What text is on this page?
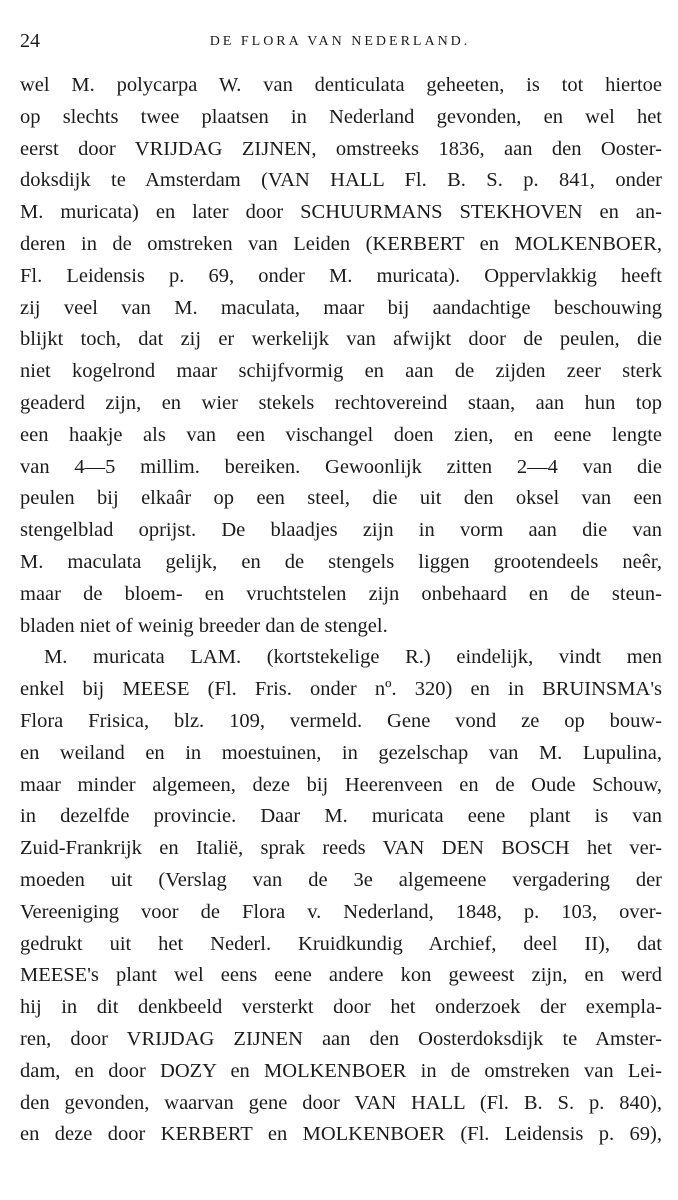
24	DE FLORA VAN NEDERLAND.
wel M. polycarpa W. van denticulata geheeten, is tot hiertoe
op slechts twee plaatsen in Nederland gevonden, en wel het
eerst door VRIJDAG ZIJNEN, omstreeks 1836, aan den Ooster-
doksdijk te Amsterdam (VAN HALL Fl. B. S. p. 841, onder
M. muricata) en later door SCHUURMANS STEKHOVEN en an-
deren in de omstreken van Leiden (KERBERT en MOLKENBOER,
Fl. Leidensis p. 69, onder M. muricata). Oppervlakkig heeft
zij veel van M. maculata, maar bij aandachtige beschouwing
blijkt toch, dat zij er werkelijk van afwijkt door de peulen, die
niet kogelrond maar schijfvormig en aan de zijden zeer sterk
geaderd zijn, en wier stekels rechtovereind staan, aan hun top
een haakje als van een vischangel doen zien, en eene lengte
van 4—5 millim. bereiken. Gewoonlijk zitten 2—4 van die
peulen bij elkaâr op een steel, die uit den oksel van een
stengelblad oprijst. De blaadjes zijn in vorm aan die van
M. maculata gelijk, en de stengels liggen grootendeels neêr,
maar de bloem- en vruchtstelen zijn onbehaard en de steun-
bladen niet of weinig breeder dan de stengel.
M. muricata LAM. (kortstekelige R.) eindelijk, vindt men
enkel bij MEESE (Fl. Fris. onder nº. 320) en in BRUINSMA's
Flora Frisica, blz. 109, vermeld. Gene vond ze op bouw-
en weiland en in moestuinen, in gezelschap van M. Lupulina,
maar minder algemeen, deze bij Heerenveen en de Oude Schouw,
in dezelfde provincie. Daar M. muricata eene plant is van
Zuid-Frankrijk en Italië, sprak reeds VAN DEN BOSCH het ver-
moeden uit (Verslag van de 3e algemeene vergadering der
Vereeniging voor de Flora v. Nederland, 1848, p. 103, over-
gedrukt uit het Nederl. Kruidkundig Archief, deel II), dat
MEESE's plant wel eens eene andere kon geweest zijn, en werd
hij in dit denkbeeld versterkt door het onderzoek der exemplа-
ren, door VRIJDAG ZIJNEN aan den Oosterdoksdijk te Amster-
dam, en door DOZY en MOLKENBOER in de omstreken van Lei-
den gevonden, waarvan gene door VAN HALL (Fl. B. S. p. 840),
en deze door KERBERT en MOLKENBOER (Fl. Leidensis p. 69),
